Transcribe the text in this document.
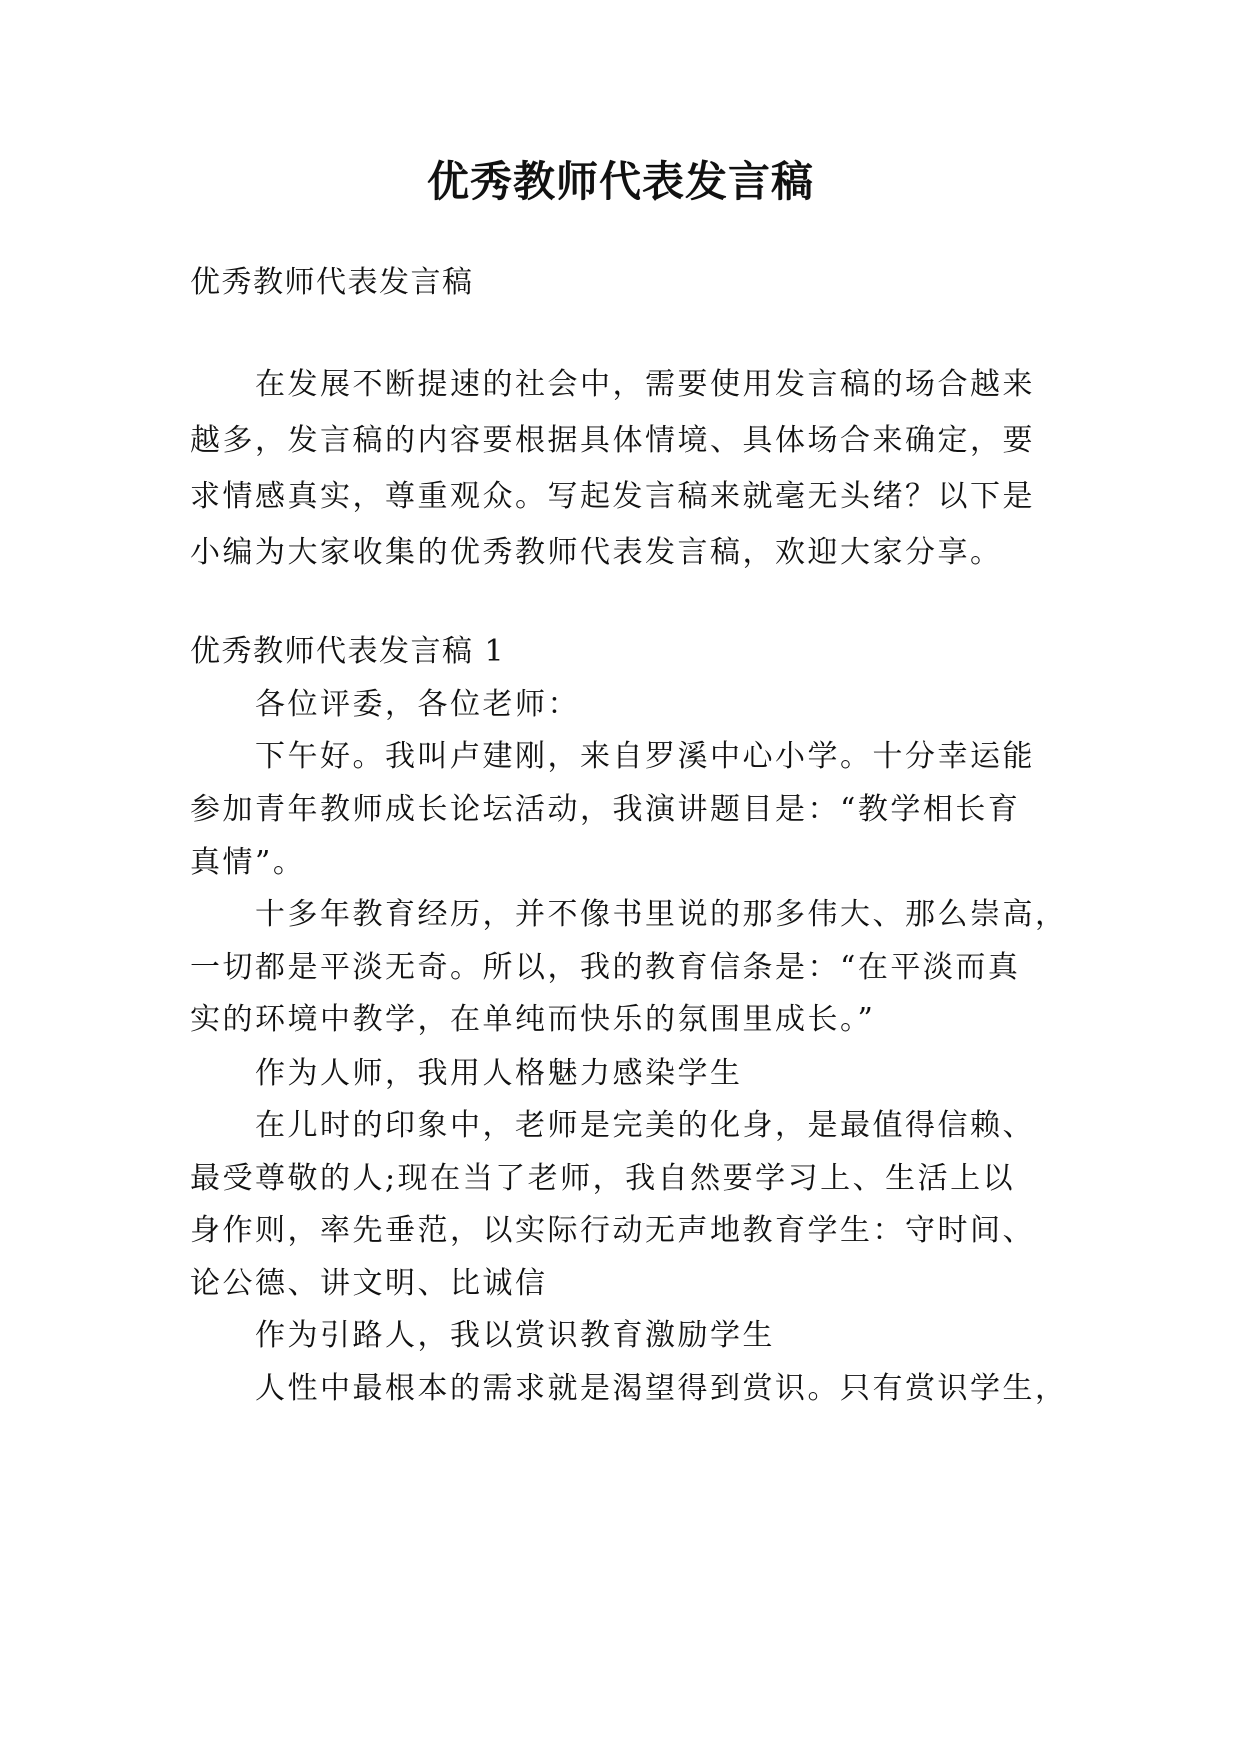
优秀教师代表发言稿

优秀教师代表发言稿

在发展不断提速的社会中，需要使用发言稿的场合越来

越多，发言稿的内容要根据具体情境、具体场合来确定，要

求情感真实，尊重观众。写起发言稿来就毫无头绪？以下是

小编为大家收集的优秀教师代表发言稿，欢迎大家分享。

优秀教师代表发言稿 1

各位评委，各位老师：

下午好。我叫卢建刚，来自罗溪中心小学。十分幸运能

参加青年教师成长论坛活动，我演讲题目是：“教学相长育

真情”。

十多年教育经历，并不像书里说的那多伟大、那么崇高，

一切都是平淡无奇。所以，我的教育信条是：“在平淡而真

实的环境中教学，在单纯而快乐的氛围里成长。”

作为人师，我用人格魅力感染学生

在儿时的印象中，老师是完美的化身，是最值得信赖、

最受尊敬的人;现在当了老师，我自然要学习上、生活上以

身作则，率先垂范，以实际行动无声地教育学生：守时间、

论公德、讲文明、比诚信

作为引路人，我以赏识教育激励学生

人性中最根本的需求就是渴望得到赏识。只有赏识学生，
